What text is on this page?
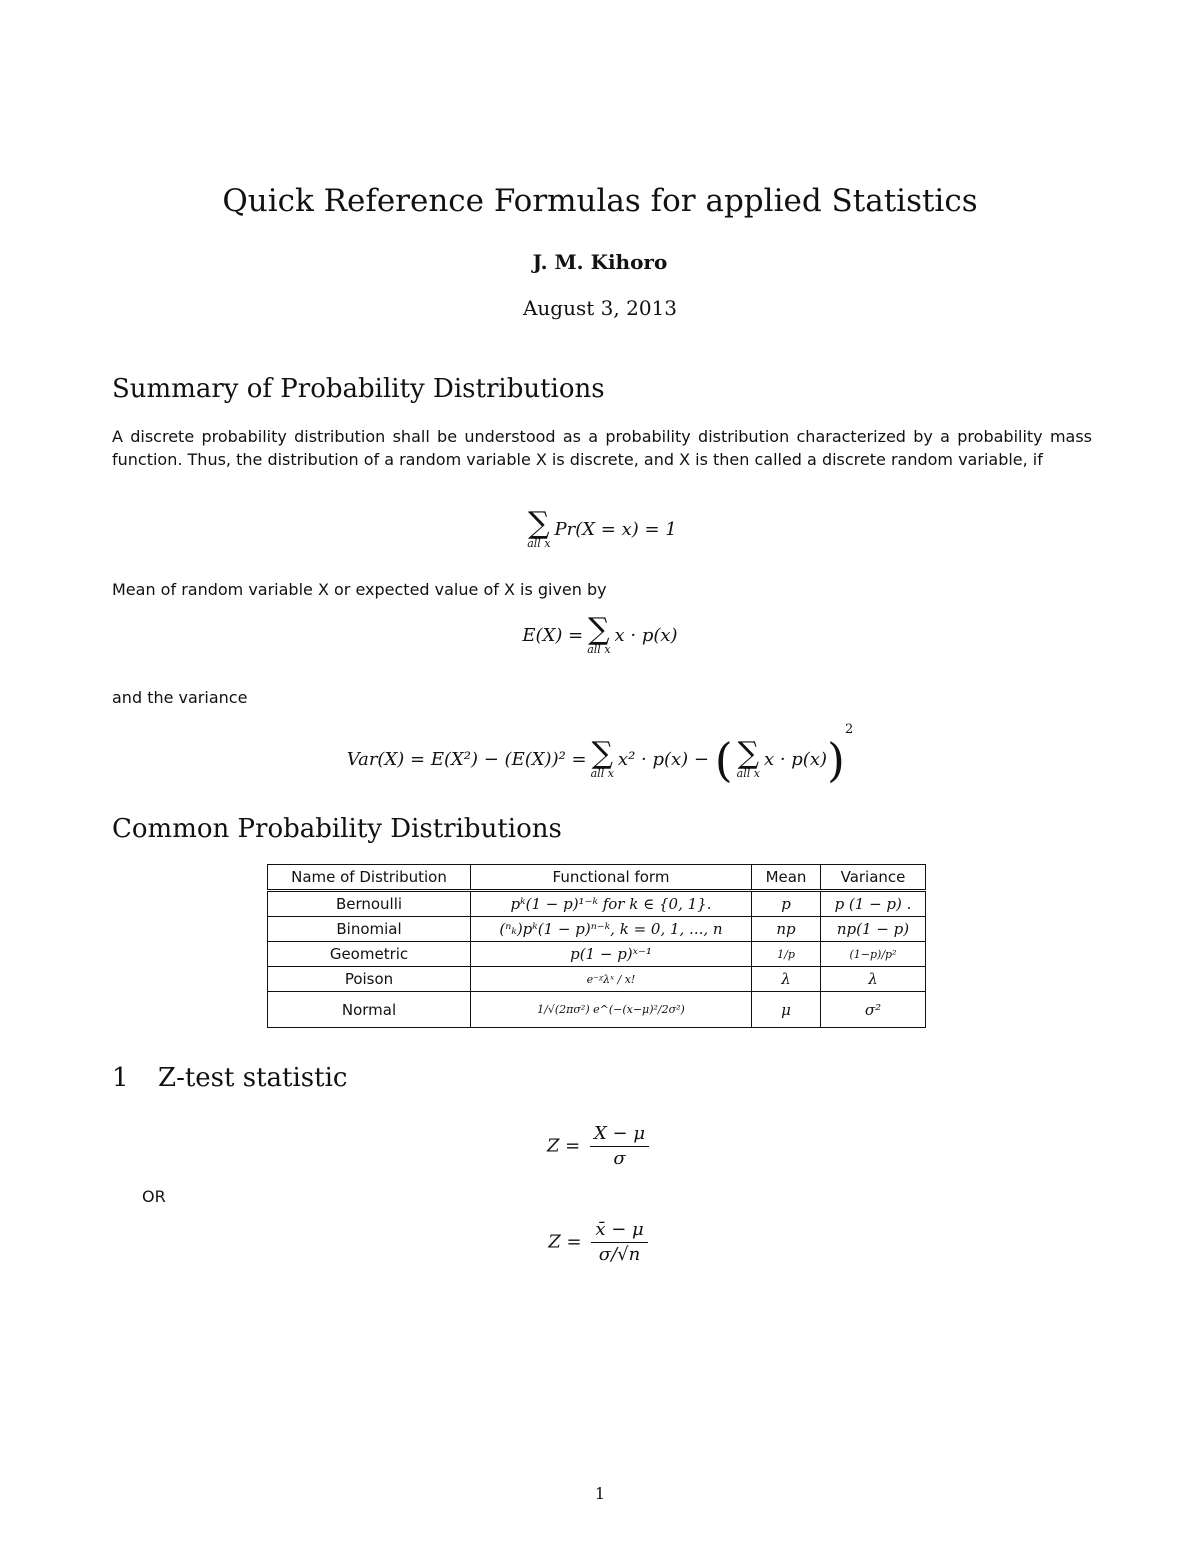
Quick Reference Formulas for applied Statistics
J. M. Kihoro
August 3, 2013
Summary of Probability Distributions
A discrete probability distribution shall be understood as a probability distribution characterized by a probability mass function. Thus, the distribution of a random variable X is discrete, and X is then called a discrete random variable, if
∑
all x
Pr(X = x) = 1
Mean of random variable X or expected value of X is given by
E(X) = ∑
all x
x · p(x)
and the variance
Var(X) = E(X²) − (E(X))² = ∑
all x
x² · p(x) − ( ∑
all x
x · p(x))$^2$
Common Probability Distributions
Name of Distribution	Functional form	Mean	Variance
Bernoulli	pᵏ(1 − p)¹⁻ᵏ for k ∈ {0, 1}.	p	p (1 − p) .
Binomial	(ⁿₖ)pᵏ(1 − p)ⁿ⁻ᵏ, k = 0, 1, ..., n	np	np(1 − p)
Geometric	p(1 − p)ˣ⁻¹	1/p	(1−p)/p²
Poison	e⁻ᵡλˣ / x!	λ	λ
Normal	1/√(2πσ²) e^(−(x−μ)²/2σ²)	μ	σ²
1 Z-test statistic
$Z = \frac{X - \mu}{\sigma}$
OR
$Z = \frac{x̄ - \mu}{\sigma/√n}$
1
